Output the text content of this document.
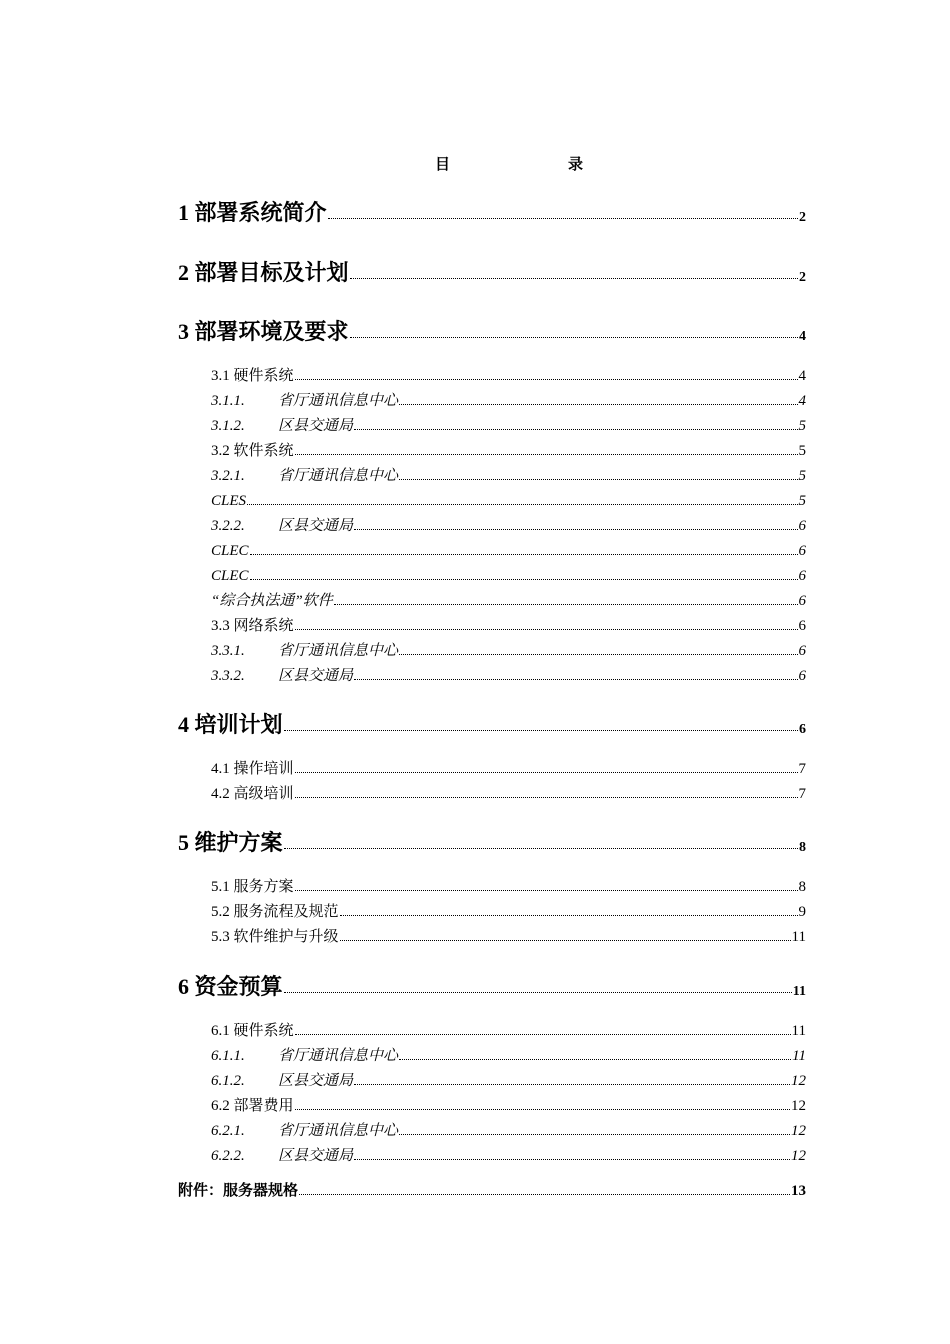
目	录
1 部署系统简介	2
2 部署目标及计划	2
3 部署环境及要求	4
3.1 硬件系统	4
3.1.1. 省厅通讯信息中心	4
3.1.2. 区县交通局	5
3.2 软件系统	5
3.2.1. 省厅通讯信息中心	5
CLES	5
3.2.2. 区县交通局	6
CLEC	6
CLEC	6
“综合执法通”软件	6
3.3 网络系统	6
3.3.1. 省厅通讯信息中心	6
3.3.2. 区县交通局	6
4 培训计划	6
4.1 操作培训	7
4.2 高级培训	7
5 维护方案	8
5.1 服务方案	8
5.2 服务流程及规范	9
5.3 软件维护与升级	11
6 资金预算	11
6.1 硬件系统	11
6.1.1. 省厅通讯信息中心	11
6.1.2. 区县交通局	12
6.2 部署费用	12
6.2.1. 省厅通讯信息中心	12
6.2.2. 区县交通局	12
附件：服务器规格	13
